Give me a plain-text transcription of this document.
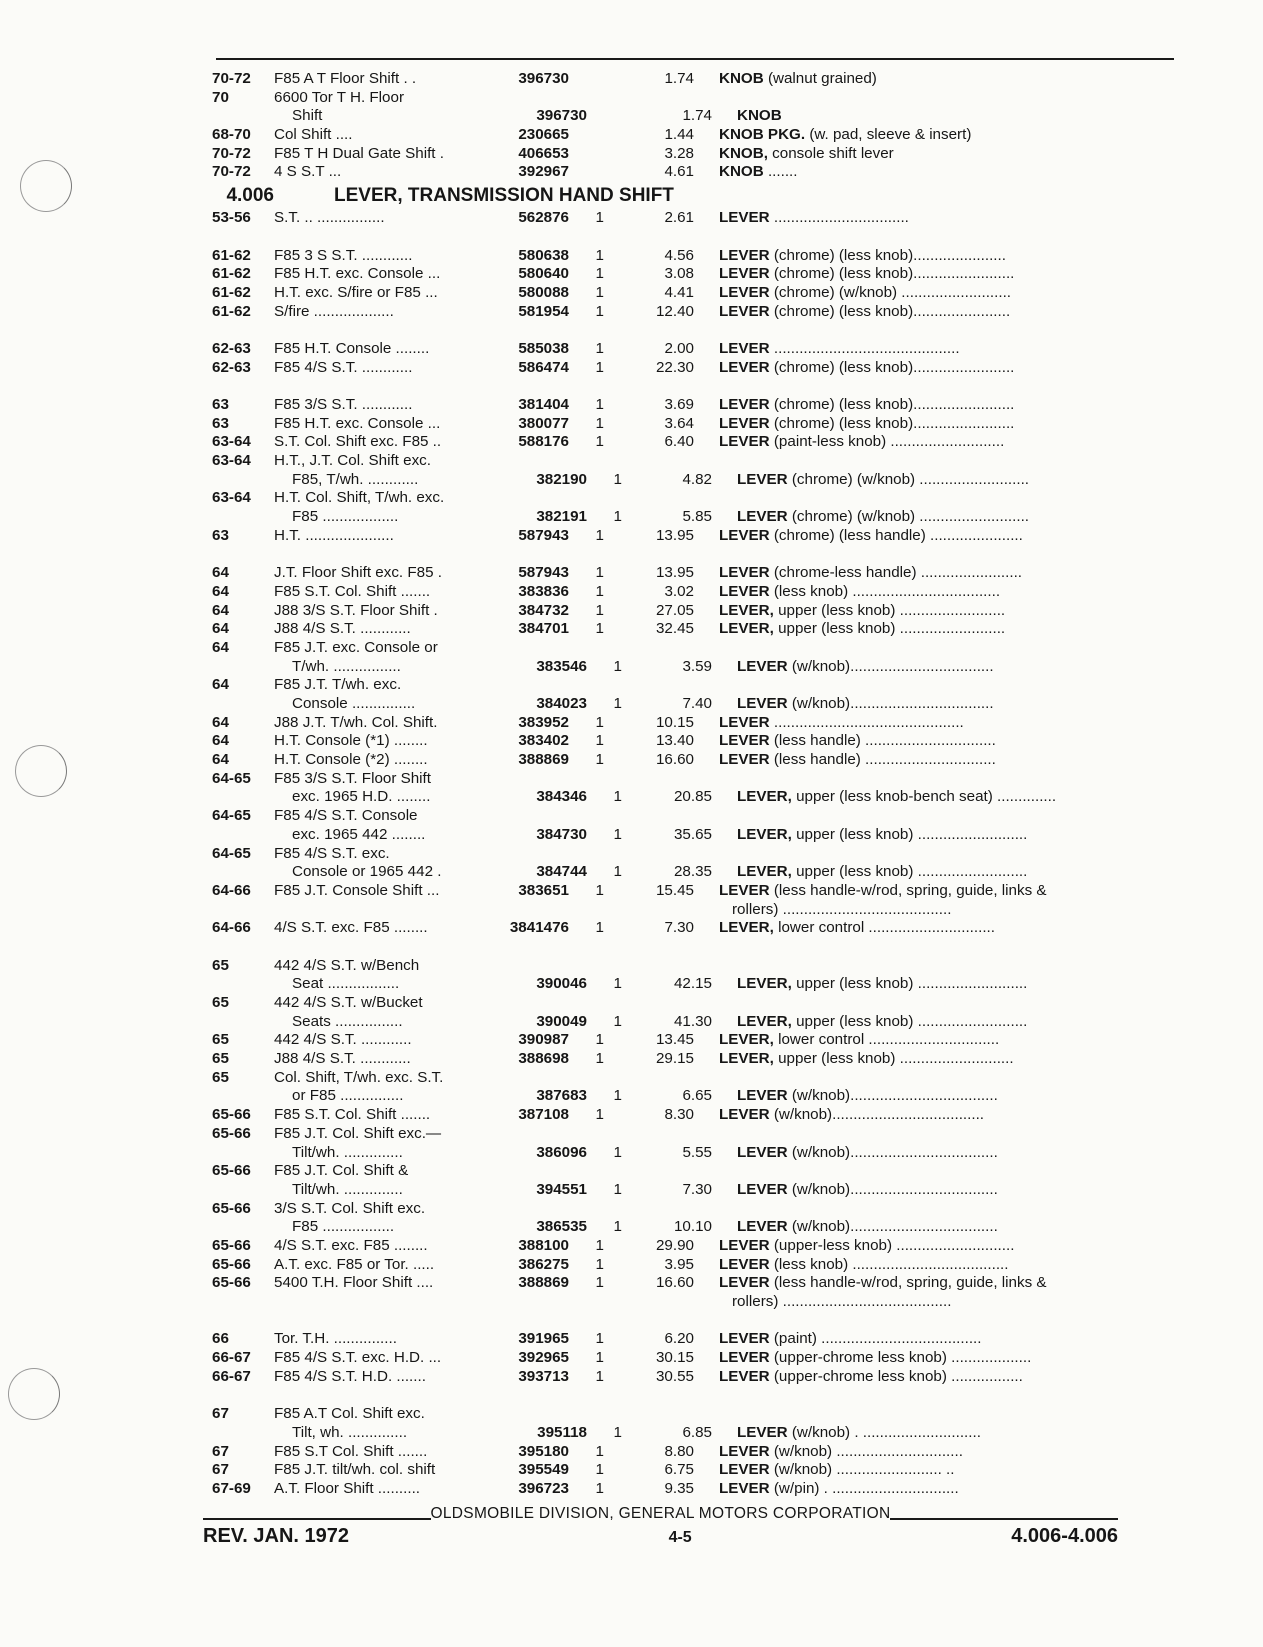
70-72	F85 A T Floor Shift . .	396730	1.74	KNOB (walnut grained)
70	6600 Tor T H. Floor
Shift	396730	1.74	KNOB
68-70	Col Shift ....	230665	1.44	KNOB PKG. (w. pad, sleeve & insert)
70-72	F85 T H Dual Gate Shift .	406653	3.28	KNOB, console shift lever
70-72	4 S S.T ...	392967	4.61	KNOB .......
4.006	LEVER, TRANSMISSION HAND SHIFT
53-56	S.T. .. ................	562876	1	2.61	LEVER ................................
61-62	F85 3 S S.T. ............	580638	1	4.56	LEVER (chrome) (less knob)......................
61-62	F85 H.T. exc. Console ...	580640	1	3.08	LEVER (chrome) (less knob)........................
61-62	H.T. exc. S/fire or F85 ...	580088	1	4.41	LEVER (chrome) (w/knob) ..........................
61-62	S/fire ...................	581954	1	12.40	LEVER (chrome) (less knob).......................
62-63	F85 H.T. Console ........	585038	1	2.00	LEVER ............................................
62-63	F85 4/S S.T. ............	586474	1	22.30	LEVER (chrome) (less knob)........................
63	F85 3/S S.T. ............	381404	1	3.69	LEVER (chrome) (less knob)........................
63	F85 H.T. exc. Console ...	380077	1	3.64	LEVER (chrome) (less knob)........................
63-64	S.T. Col. Shift exc. F85 ..	588176	1	6.40	LEVER (paint-less knob) ...........................
63-64	H.T., J.T. Col. Shift exc.
F85, T/wh. ............	382190	1	4.82	LEVER (chrome) (w/knob) ..........................
63-64	H.T. Col. Shift, T/wh. exc.
F85 ..................	382191	1	5.85	LEVER (chrome) (w/knob) ..........................
63	H.T. .....................	587943	1	13.95	LEVER (chrome) (less handle) ......................
64	J.T. Floor Shift exc. F85 .	587943	1	13.95	LEVER (chrome-less handle) ........................
64	F85 S.T. Col. Shift .......	383836	1	3.02	LEVER (less knob) ...................................
64	J88 3/S S.T. Floor Shift .	384732	1	27.05	LEVER, upper (less knob) .........................
64	J88 4/S S.T. ............	384701	1	32.45	LEVER, upper (less knob) .........................
64	F85 J.T. exc. Console or
T/wh. ................	383546	1	3.59	LEVER (w/knob)..................................
64	F85 J.T. T/wh. exc.
Console ...............	384023	1	7.40	LEVER (w/knob)..................................
64	J88 J.T. T/wh. Col. Shift.	383952	1	10.15	LEVER .............................................
64	H.T. Console (*1) ........	383402	1	13.40	LEVER (less handle) ...............................
64	H.T. Console (*2) ........	388869	1	16.60	LEVER (less handle) ...............................
64-65	F85 3/S S.T. Floor Shift
exc. 1965 H.D. ........	384346	1	20.85	LEVER, upper (less knob-bench seat) ..............
64-65	F85 4/S S.T. Console
exc. 1965 442 ........	384730	1	35.65	LEVER, upper (less knob) ..........................
64-65	F85 4/S S.T. exc.
Console or 1965 442 .	384744	1	28.35	LEVER, upper (less knob) ..........................
64-66	F85 J.T. Console Shift ...	383651	1	15.45	LEVER (less handle-w/rod, spring, guide, links &
rollers) ........................................
64-66	4/S S.T. exc. F85 ........	3841476	1	7.30	LEVER, lower control ..............................
65	442 4/S S.T. w/Bench
Seat .................	390046	1	42.15	LEVER, upper (less knob) ..........................
65	442 4/S S.T. w/Bucket
Seats ................	390049	1	41.30	LEVER, upper (less knob) ..........................
65	442 4/S S.T. ............	390987	1	13.45	LEVER, lower control ...............................
65	J88 4/S S.T. ............	388698	1	29.15	LEVER, upper (less knob) ...........................
65	Col. Shift, T/wh. exc. S.T.
or F85 ...............	387683	1	6.65	LEVER (w/knob)...................................
65-66	F85 S.T. Col. Shift .......	387108	1	8.30	LEVER (w/knob)....................................
65-66	F85 J.T. Col. Shift exc.—
Tilt/wh. ..............	386096	1	5.55	LEVER (w/knob)...................................
65-66	F85 J.T. Col. Shift &
Tilt/wh. ..............	394551	1	7.30	LEVER (w/knob)...................................
65-66	3/S S.T. Col. Shift exc.
F85 .................	386535	1	10.10	LEVER (w/knob)...................................
65-66	4/S S.T. exc. F85 ........	388100	1	29.90	LEVER (upper-less knob) ............................
65-66	A.T. exc. F85 or Tor. .....	386275	1	3.95	LEVER (less knob) .....................................
65-66	5400 T.H. Floor Shift ....	388869	1	16.60	LEVER (less handle-w/rod, spring, guide, links &
rollers) ........................................
66	Tor. T.H. ...............	391965	1	6.20	LEVER (paint) ......................................
66-67	F85 4/S S.T. exc. H.D. ...	392965	1	30.15	LEVER (upper-chrome less knob) ...................
66-67	F85 4/S S.T. H.D. .......	393713	1	30.55	LEVER (upper-chrome less knob) .................
67	F85 A.T Col. Shift exc.
Tilt, wh. ..............	395118	1	6.85	LEVER (w/knob) . ............................
67	F85 S.T Col. Shift .......	395180	1	8.80	LEVER (w/knob) ..............................
67	F85 J.T. tilt/wh. col. shift	395549	1	6.75	LEVER (w/knob) ......................... ..
67-69	A.T. Floor Shift ..........	396723	1	9.35	LEVER (w/pin) . ..............................
OLDSMOBILE DIVISION, GENERAL MOTORS CORPORATION
REV. JAN. 1972	4-5	4.006-4.006
